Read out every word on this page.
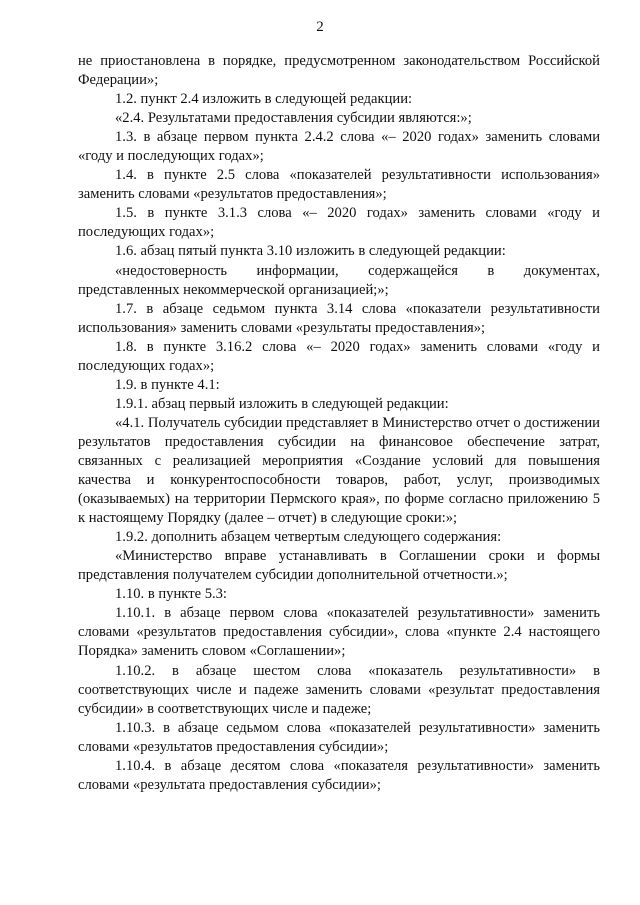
2

не приостановлена в порядке, предусмотренном законодательством Российской Федерации»;

1.2. пункт 2.4 изложить в следующей редакции:

«2.4. Результатами предоставления субсидии являются:»;

1.3. в абзаце первом пункта 2.4.2 слова «– 2020 годах» заменить словами «году и последующих годах»;

1.4. в пункте 2.5 слова «показателей результативности использования» заменить словами «результатов предоставления»;

1.5. в пункте 3.1.3 слова «– 2020 годах» заменить словами «году и последующих годах»;

1.6. абзац пятый пункта 3.10 изложить в следующей редакции:

«недостоверность информации, содержащейся в документах, представленных некоммерческой организацией;»;

1.7. в абзаце седьмом пункта 3.14 слова «показатели результативности использования» заменить словами «результаты предоставления»;

1.8. в пункте 3.16.2 слова «– 2020 годах» заменить словами «году и последующих годах»;

1.9. в пункте 4.1:

1.9.1. абзац первый изложить в следующей редакции:

«4.1. Получатель субсидии представляет в Министерство отчет о достижении результатов предоставления субсидии на финансовое обеспечение затрат, связанных с реализацией мероприятия «Создание условий для повышения качества и конкурентоспособности товаров, работ, услуг, производимых (оказываемых) на территории Пермского края», по форме согласно приложению 5 к настоящему Порядку (далее – отчет) в следующие сроки:»;

1.9.2. дополнить абзацем четвертым следующего содержания:

«Министерство вправе устанавливать в Соглашении сроки и формы представления получателем субсидии дополнительной отчетности.»;

1.10. в пункте 5.3:

1.10.1. в абзаце первом слова «показателей результативности» заменить словами «результатов предоставления субсидии», слова «пункте 2.4 настоящего Порядка» заменить словом «Соглашении»;

1.10.2. в абзаце шестом слова «показатель результативности» в соответствующих числе и падеже заменить словами «результат предоставления субсидии» в соответствующих числе и падеже;

1.10.3. в абзаце седьмом слова «показателей результативности» заменить словами «результатов предоставления субсидии»;

1.10.4. в абзаце десятом слова «показателя результативности» заменить словами «результата предоставления субсидии»;
